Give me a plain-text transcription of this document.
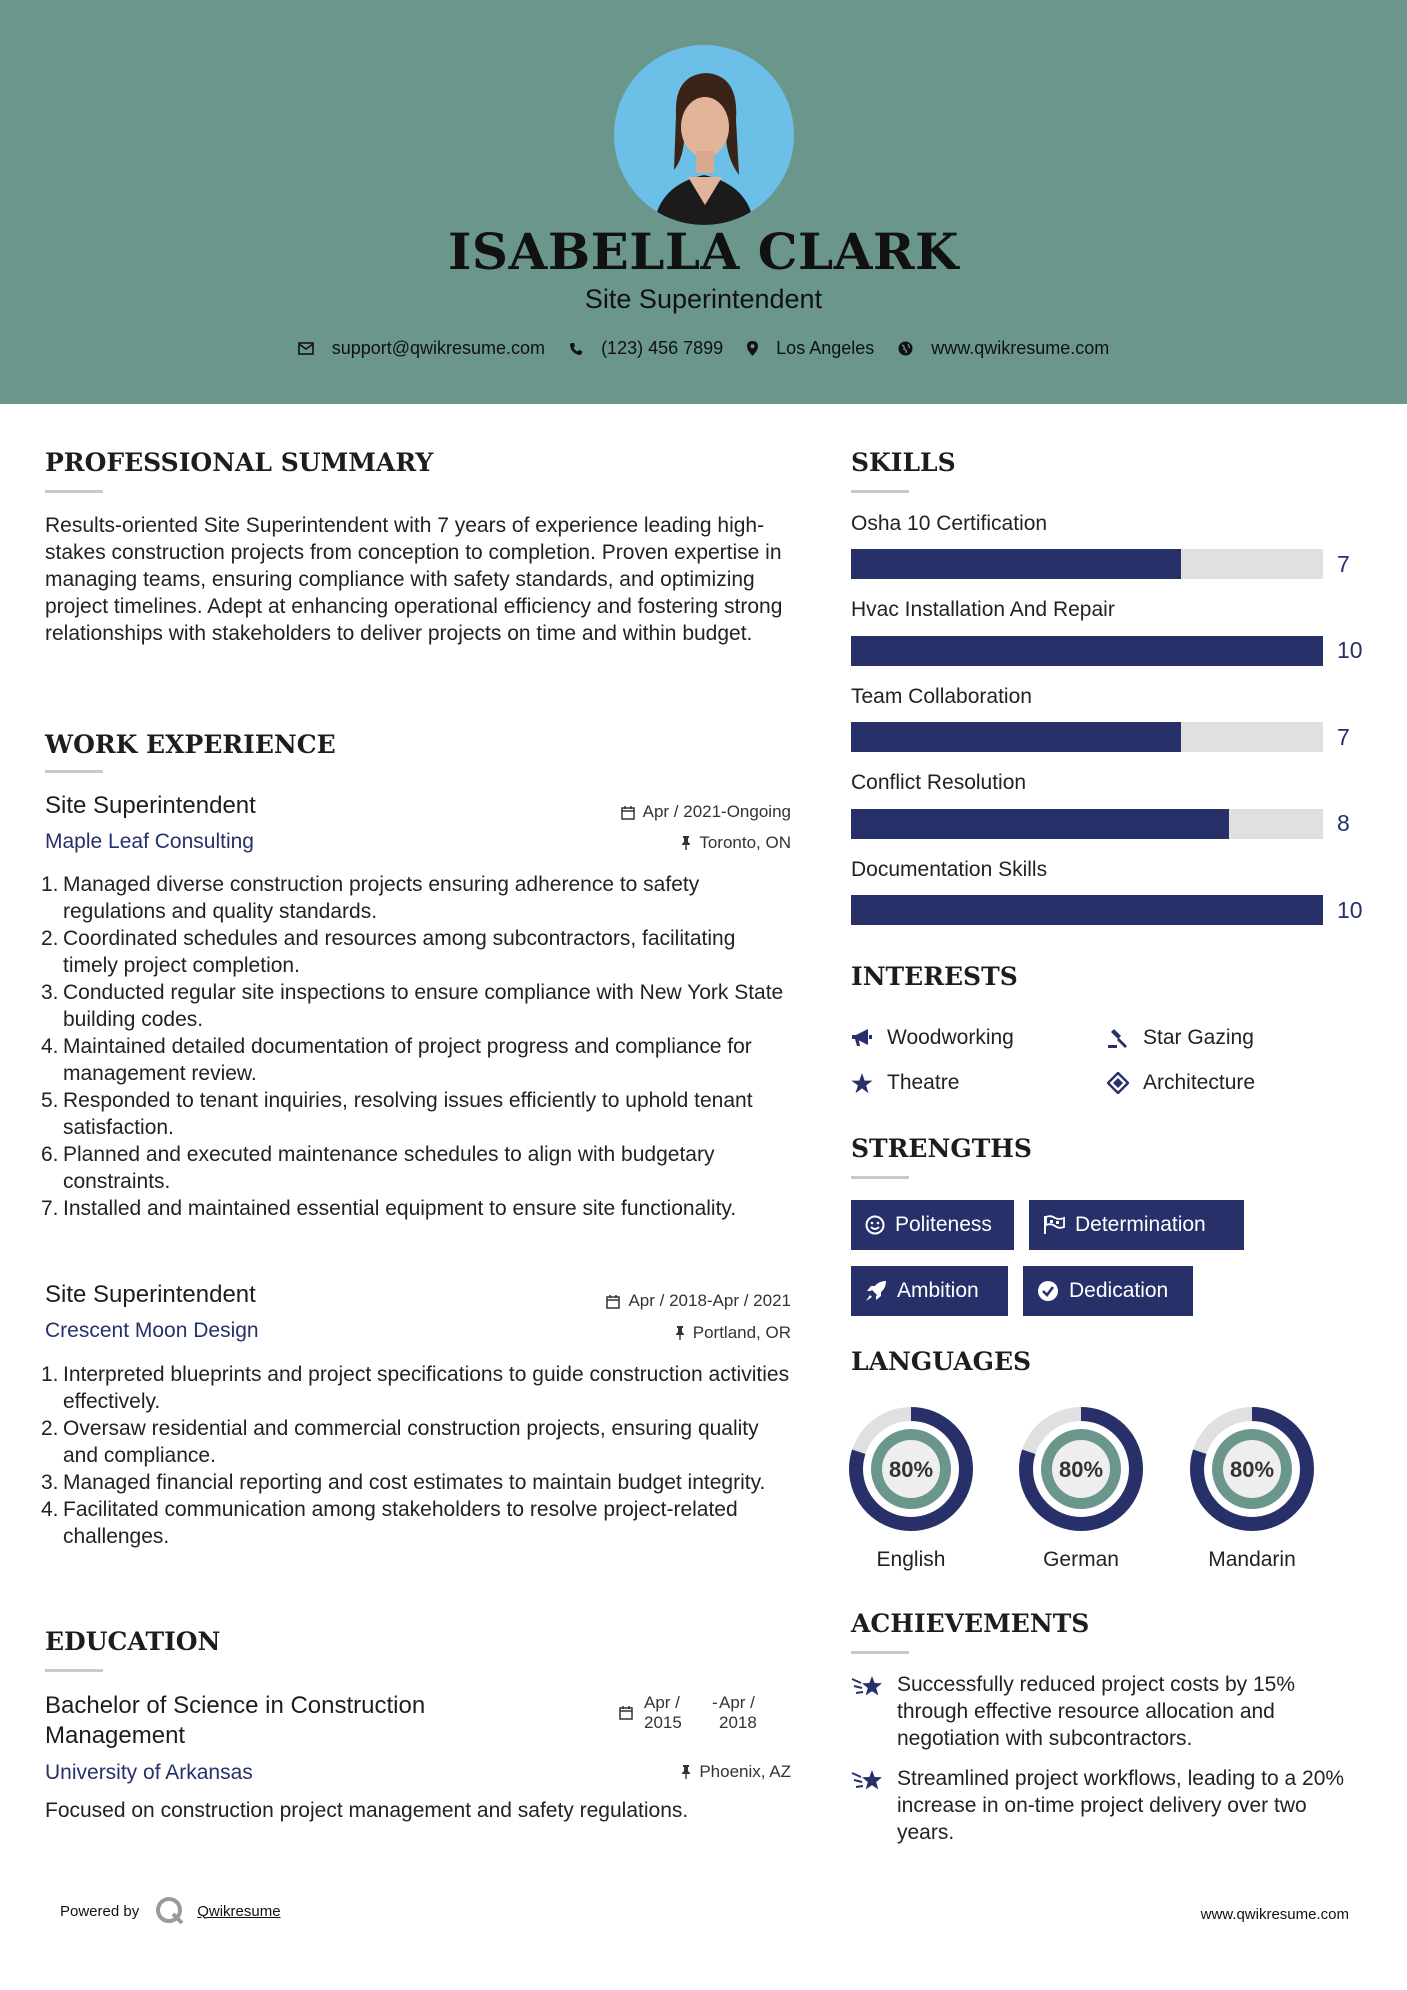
ISABELLA CLARK
Site Superintendent
support@qwikresume.com	(123) 456 7899	Los Angeles	www.qwikresume.com
PROFESSIONAL SUMMARY
Results-oriented Site Superintendent with 7 years of experience leading high-stakes construction projects from conception to completion. Proven expertise in managing teams, ensuring compliance with safety standards, and optimizing project timelines. Adept at enhancing operational efficiency and fostering strong relationships with stakeholders to deliver projects on time and within budget.
WORK EXPERIENCE
Site Superintendent	Apr / 2021-Ongoing
Maple Leaf Consulting	Toronto, ON
1. Managed diverse construction projects ensuring adherence to safety regulations and quality standards.
2. Coordinated schedules and resources among subcontractors, facilitating timely project completion.
3. Conducted regular site inspections to ensure compliance with New York State building codes.
4. Maintained detailed documentation of project progress and compliance for management review.
5. Responded to tenant inquiries, resolving issues efficiently to uphold tenant satisfaction.
6. Planned and executed maintenance schedules to align with budgetary constraints.
7. Installed and maintained essential equipment to ensure site functionality.
Site Superintendent	Apr / 2018-Apr / 2021
Crescent Moon Design	Portland, OR
1. Interpreted blueprints and project specifications to guide construction activities effectively.
2. Oversaw residential and commercial construction projects, ensuring quality and compliance.
3. Managed financial reporting and cost estimates to maintain budget integrity.
4. Facilitated communication among stakeholders to resolve project-related challenges.
EDUCATION
Bachelor of Science in Construction Management
Apr / 2015
- Apr / 2018
University of Arkansas	Phoenix, AZ
Focused on construction project management and safety regulations.
SKILLS
Osha 10 Certification
7
Hvac Installation And Repair
10
Team Collaboration
7
Conflict Resolution
8
Documentation Skills
10
INTERESTS
Woodworking	Star Gazing
Theatre	Architecture
STRENGTHS
Politeness	Determination
Ambition	Dedication
LANGUAGES
80%
English
80%
German
80%
Mandarin
ACHIEVEMENTS
Successfully reduced project costs by 15% through effective resource allocation and negotiation with subcontractors.
Streamlined project workflows, leading to a 20% increase in on-time project delivery over two years.
Powered by	Qwikresume	www.qwikresume.com
